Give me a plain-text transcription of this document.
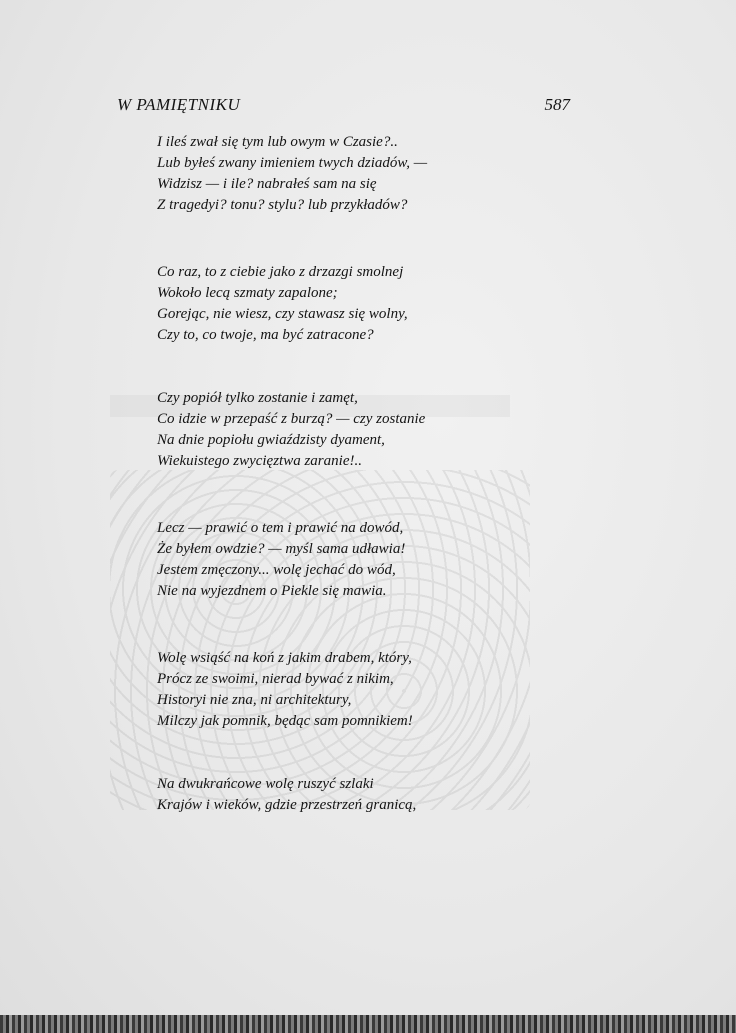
W PAMIĘTNIKU	587
I ileś zwał się tym lub owym w Czasie?..
Lub byłeś zwany imieniem twych dziadów, —
Widzisz — i ile? nabrałeś sam na się
Z tragedyi? tonu? stylu? lub przykładów?
Co raz, to z ciebie jako z drzazgi smolnej
Wokoło lecą szmaty zapalone;
Gorejąc, nie wiesz, czy stawasz się wolny,
Czy to, co twoje, ma być zatracone?
Czy popiół tylko zostanie i zamęt,
Co idzie w przepaść z burzą? — czy zostanie
Na dnie popiołu gwiaździsty dyament,
Wiekuistego zwycięztwa zaranie!..
Lecz — prawić o tem i prawić na dowód,
Że byłem owdzie? — myśl sama udławia!
Jestem zmęczony... wolę jechać do wód,
Nie na wyjezdnem o Piekle się mawia.
Wolę wsiąść na koń z jakim drabem, który,
Prócz ze swoimi, nierad bywać z nikim,
Historyi nie zna, ni architektury,
Milczy jak pomnik, będąc sam pomnikiem!
Na dwukrańcowe wolę ruszyć szlaki
Krajów i wieków, gdzie przestrzeń granicą,
